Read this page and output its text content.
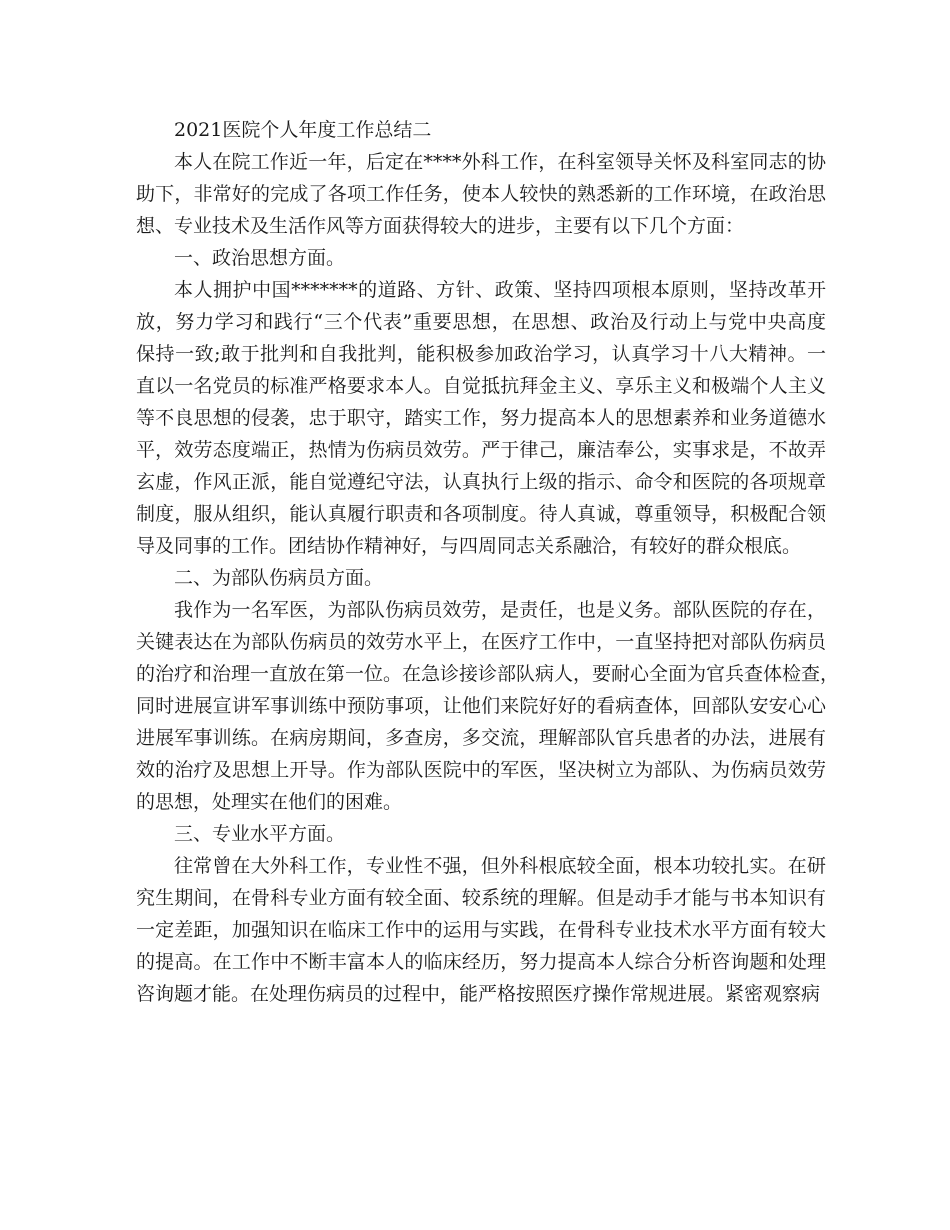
2021医院个人年度工作总结二
本人在院工作近一年，后定在****外科工作，在科室领导关怀及科室同志的协
助下，非常好的完成了各项工作任务，使本人较快的熟悉新的工作环境，在政治思
想、专业技术及生活作风等方面获得较大的进步，主要有以下几个方面：
一、政治思想方面。
本人拥护中国*******的道路、方针、政策、坚持四项根本原则，坚持改革开
放，努力学习和践行“三个代表”重要思想，在思想、政治及行动上与党中央高度
保持一致;敢于批判和自我批判，能积极参加政治学习，认真学习十八大精神。一
直以一名党员的标准严格要求本人。自觉抵抗拜金主义、享乐主义和极端个人主义
等不良思想的侵袭，忠于职守，踏实工作，努力提高本人的思想素养和业务道德水
平，效劳态度端正，热情为伤病员效劳。严于律己，廉洁奉公，实事求是，不故弄
玄虚，作风正派，能自觉遵纪守法，认真执行上级的指示、命令和医院的各项规章
制度，服从组织，能认真履行职责和各项制度。待人真诚，尊重领导，积极配合领
导及同事的工作。团结协作精神好，与四周同志关系融洽，有较好的群众根底。
二、为部队伤病员方面。
我作为一名军医，为部队伤病员效劳，是责任，也是义务。部队医院的存在，
关键表达在为部队伤病员的效劳水平上，在医疗工作中，一直坚持把对部队伤病员
的治疗和治理一直放在第一位。在急诊接诊部队病人，要耐心全面为官兵查体检查，
同时进展宣讲军事训练中预防事项，让他们来院好好的看病查体，回部队安安心心
进展军事训练。在病房期间，多查房，多交流，理解部队官兵患者的办法，进展有
效的治疗及思想上开导。作为部队医院中的军医，坚决树立为部队、为伤病员效劳
的思想，处理实在他们的困难。
三、专业水平方面。
往常曾在大外科工作，专业性不强，但外科根底较全面，根本功较扎实。在研
究生期间，在骨科专业方面有较全面、较系统的理解。但是动手才能与书本知识有
一定差距，加强知识在临床工作中的运用与实践，在骨科专业技术水平方面有较大
的提高。在工作中不断丰富本人的临床经历，努力提高本人综合分析咨询题和处理
咨询题才能。在处理伤病员的过程中，能严格按照医疗操作常规进展。紧密观察病
